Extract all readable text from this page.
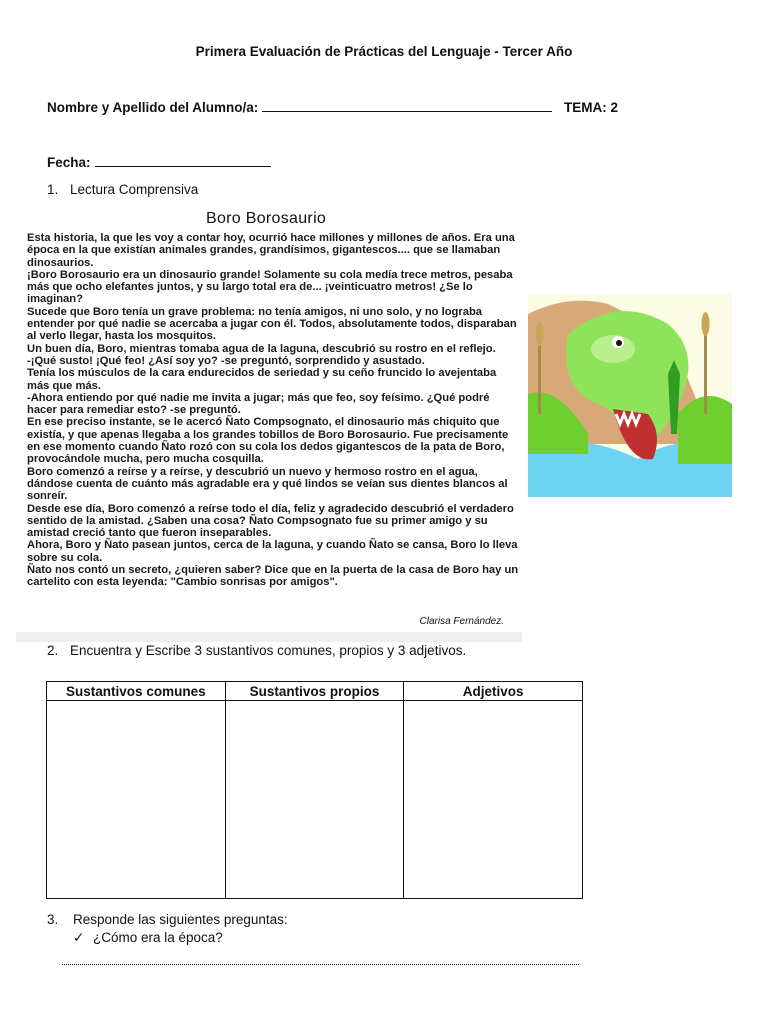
Primera Evaluación de Prácticas del Lenguaje - Tercer Año
Nombre y Apellido del Alumno/a:	TEMA: 2
Fecha:
1. Lectura Comprensiva
Boro Borosaurio

Esta historia, la que les voy a contar hoy, ocurrió hace millones y millones de años. Era una época en la que existían animales grandes, grandísimos, gigantescos.... que se llamaban dinosaurios.

¡Boro Borosaurio era un dinosaurio grande! Solamente su cola medía trece metros, pesaba más que ocho elefantes juntos, y su largo total era de... ¡veinticuatro metros! ¿Se lo imaginan?

Sucede que Boro tenía un grave problema: no tenía amigos, ni uno solo, y no lograba entender por qué nadie se acercaba a jugar con él. Todos, absolutamente todos, disparaban al verlo llegar, hasta los mosquitos.

Un buen día, Boro, mientras tomaba agua de la laguna, descubrió su rostro en el reflejo.

-¡Qué susto! ¡Qué feo! ¿Así soy yo? -se preguntó, sorprendido y asustado.

Tenía los músculos de la cara endurecidos de seriedad y su ceño fruncido lo avejentaba más que más.

-Ahora entiendo por qué nadie me invita a jugar; más que feo, soy feísimo. ¿Qué podré hacer para remediar esto? -se preguntó.

En ese preciso instante, se le acercó Ñato Compsognato, el dinosaurio más chiquito que existía, y que apenas llegaba a los grandes tobillos de Boro Borosaurio. Fue precisamente en ese momento cuando Ñato rozó con su cola los dedos gigantescos de la pata de Boro, provocándole mucha, pero mucha cosquilla.

Boro comenzó a reírse y a reírse, y descubrió un nuevo y hermoso rostro en el agua, dándose cuenta de cuánto más agradable era y qué lindos se veían sus dientes blancos al sonreír.

Desde ese día, Boro comenzó a reírse todo el día, feliz y agradecido descubrió el verdadero sentido de la amistad. ¿Saben una cosa? Ñato Compsognato fue su primer amigo y su amistad creció tanto que fueron inseparables.

Ahora, Boro y Ñato pasean juntos, cerca de la laguna, y cuando Ñato se cansa, Boro lo lleva sobre su cola.

Ñato nos contó un secreto, ¿quieren saber? Dice que en la puerta de la casa de Boro hay un cartelito con esta leyenda: "Cambio sonrisas por amigos".

Clarisa Fernández.
2. Encuentra y Escribe 3 sustantivos comunes, propios y 3 adjetivos.
Sustantivos comunes	Sustantivos propios	Adjetivos

3. Responde las siguientes preguntas:
✓ ¿Cómo era la época?
